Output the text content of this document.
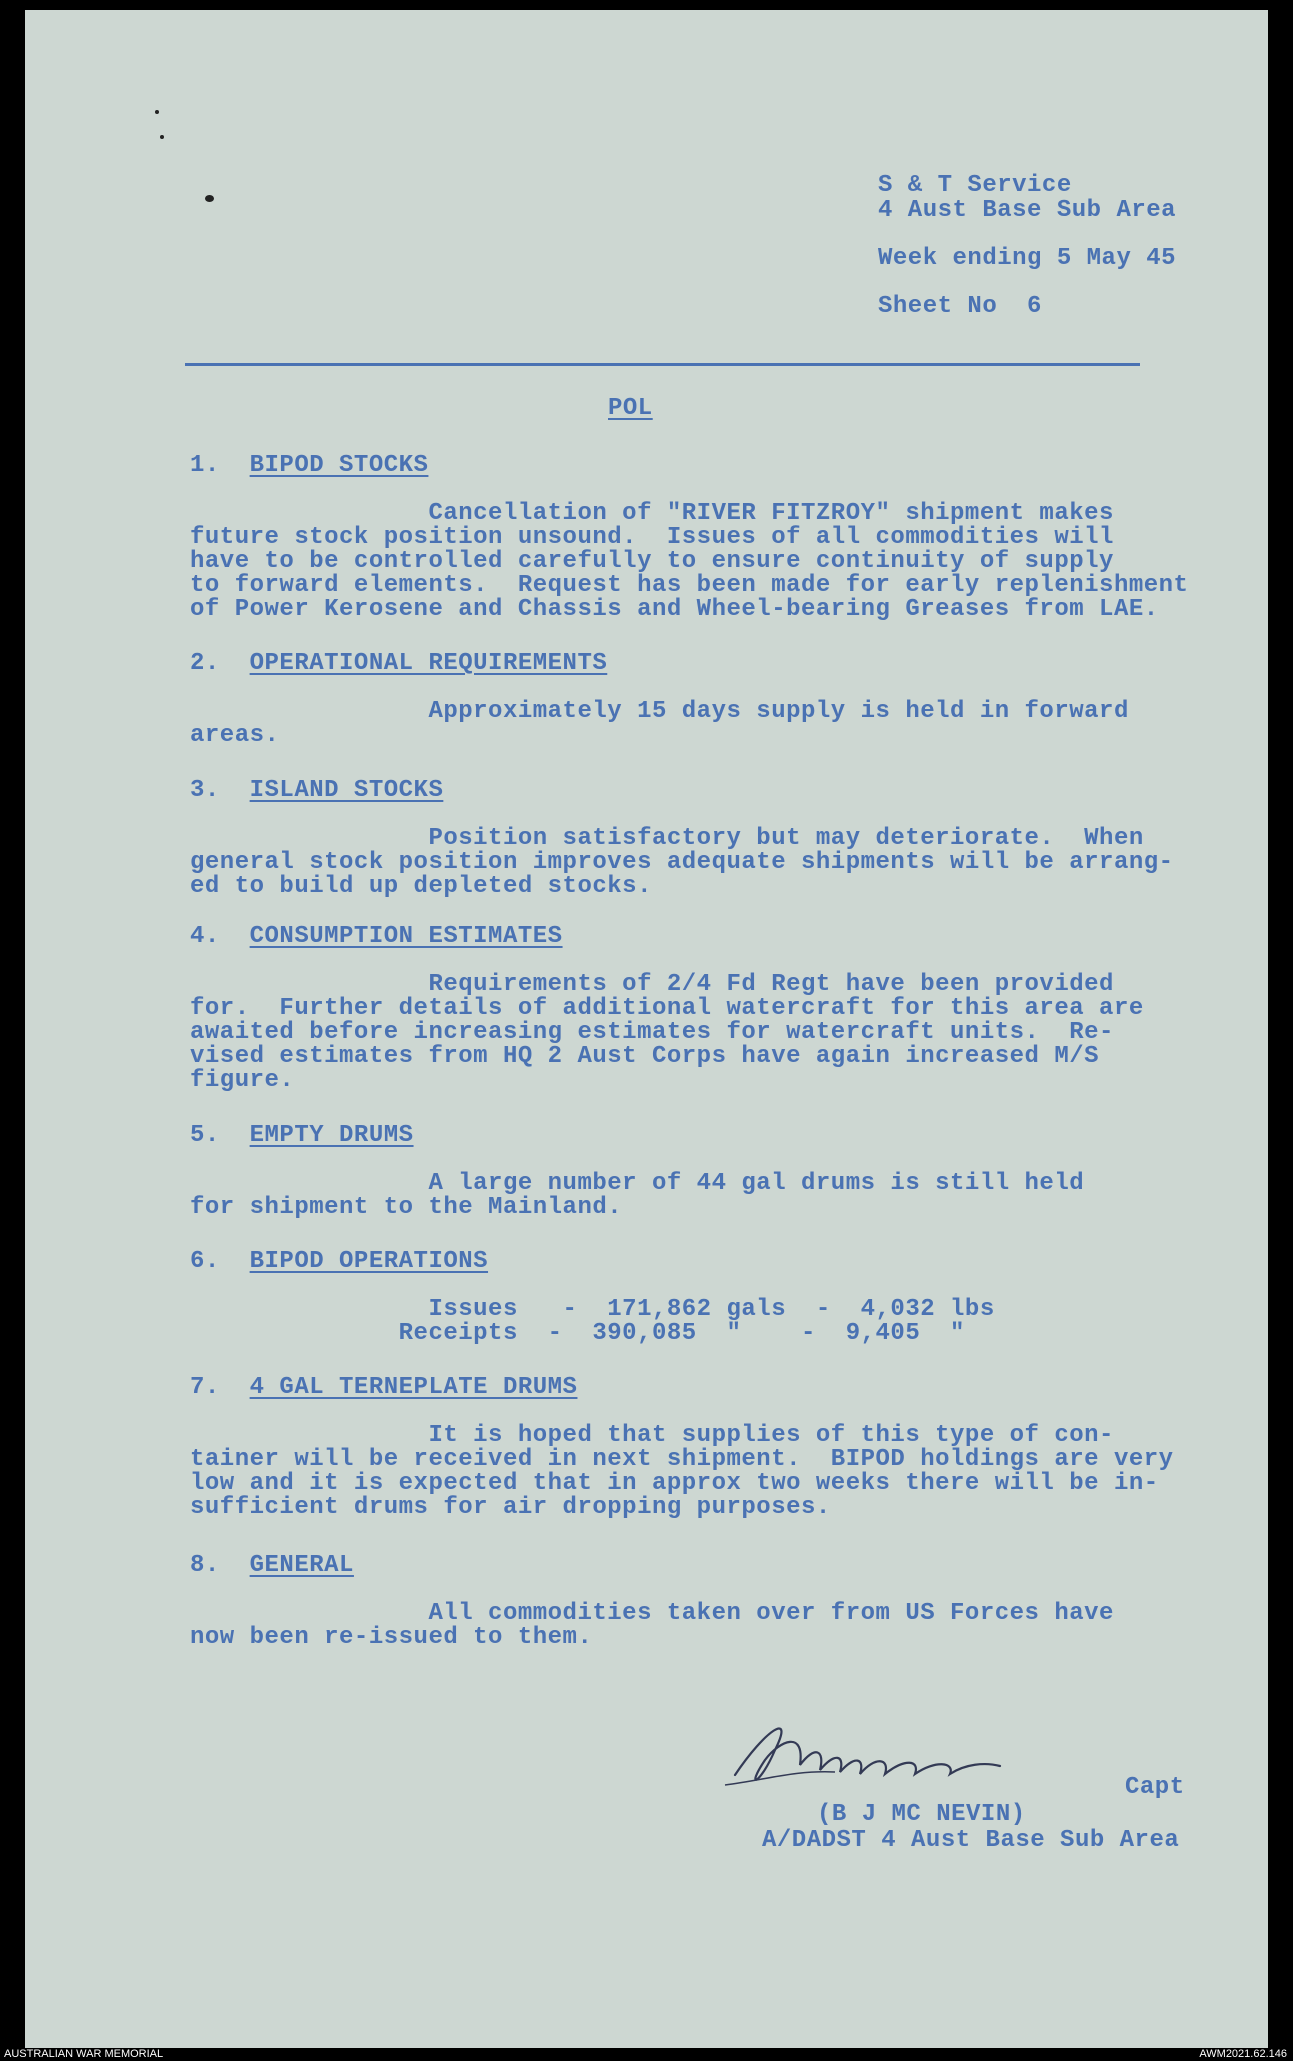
S & T Service
4 Aust Base Sub Area
Week ending 5 May 45
Sheet No  6
POL
1.  BIPOD STOCKS
Cancellation of "RIVER FITZROY" shipment makes
future stock position unsound.  Issues of all commodities will
have to be controlled carefully to ensure continuity of supply
to forward elements.  Request has been made for early replenishment
of Power Kerosene and Chassis and Wheel-bearing Greases from LAE.
2.  OPERATIONAL REQUIREMENTS
Approximately 15 days supply is held in forward
areas.
3.  ISLAND STOCKS
Position satisfactory but may deteriorate.  When
general stock position improves adequate shipments will be arrang-
ed to build up depleted stocks.
4.  CONSUMPTION ESTIMATES
Requirements of 2/4 Fd Regt have been provided
for.  Further details of additional watercraft for this area are
awaited before increasing estimates for watercraft units.  Re-
vised estimates from HQ 2 Aust Corps have again increased M/S
figure.
5.  EMPTY DRUMS
A large number of 44 gal drums is still held
for shipment to the Mainland.
6.  BIPOD OPERATIONS
Issues   -  171,862 gals  -  4,032 lbs
Receipts  -  390,085  "    -  9,405  "
7.  4 GAL TERNEPLATE DRUMS
It is hoped that supplies of this type of con-
tainer will be received in next shipment.  BIPOD holdings are very
low and it is expected that in approx two weeks there will be in-
sufficient drums for air dropping purposes.
8.  GENERAL
All commodities taken over from US Forces have
now been re-issued to them.
Capt
(B J MC NEVIN)
A/DADST 4 Aust Base Sub Area
AUSTRALIAN WAR MEMORIAL	AWM2021.62.146
